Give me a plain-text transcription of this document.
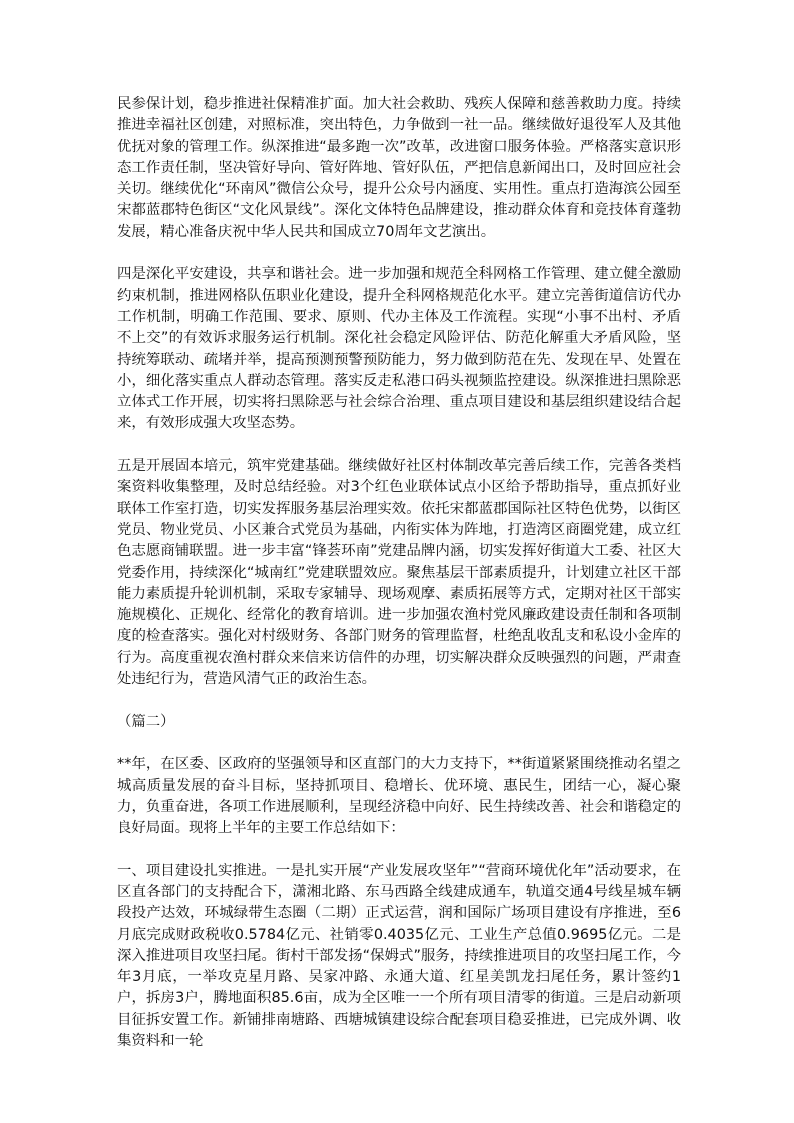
民参保计划，稳步推进社保精准扩面。加大社会救助、残疾人保障和慈善救助力度。持续推进幸福社区创建，对照标准，突出特色，力争做到一社一品。继续做好退役军人及其他优抚对象的管理工作。纵深推进“最多跑一次”改革，改进窗口服务体验。严格落实意识形态工作责任制，坚决管好导向、管好阵地、管好队伍，严把信息新闻出口，及时回应社会关切。继续优化“环南风”微信公众号，提升公众号内涵度、实用性。重点打造海滨公园至宋都蓝郡特色街区“文化风景线”。深化文体特色品牌建设，推动群众体育和竞技体育蓬勃发展，精心准备庆祝中华人民共和国成立70周年文艺演出。

四是深化平安建设，共享和谐社会。进一步加强和规范全科网格工作管理、建立健全激励约束机制，推进网格队伍职业化建设，提升全科网格规范化水平。建立完善街道信访代办工作机制，明确工作范围、要求、原则、代办主体及工作流程。实现“小事不出村、矛盾不上交”的有效诉求服务运行机制。深化社会稳定风险评估、防范化解重大矛盾风险，坚持统筹联动、疏堵并举，提高预测预警预防能力，努力做到防范在先、发现在早、处置在小，细化落实重点人群动态管理。落实反走私港口码头视频监控建设。纵深推进扫黑除恶立体式工作开展，切实将扫黑除恶与社会综合治理、重点项目建设和基层组织建设结合起来，有效形成强大攻坚态势。

五是开展固本培元，筑牢党建基础。继续做好社区村体制改革完善后续工作，完善各类档案资料收集整理，及时总结经验。对3个红色业联体试点小区给予帮助指导，重点抓好业联体工作室打造，切实发挥服务基层治理实效。依托宋都蓝郡国际社区特色优势，以街区党员、物业党员、小区兼合式党员为基础，内衔实体为阵地，打造湾区商圈党建，成立红色志愿商铺联盟。进一步丰富“锋荟环南”党建品牌内涵，切实发挥好街道大工委、社区大党委作用，持续深化“城南红”党建联盟效应。聚焦基层干部素质提升，计划建立社区干部能力素质提升轮训机制，采取专家辅导、现场观摩、素质拓展等方式，定期对社区干部实施规模化、正规化、经常化的教育培训。进一步加强农渔村党风廉政建设责任制和各项制度的检查落实。强化对村级财务、各部门财务的管理监督，杜绝乱收乱支和私设小金库的行为。高度重视农渔村群众来信来访信件的办理，切实解决群众反映强烈的问题，严肃查处违纪行为，营造风清气正的政治生态。

（篇二）

**年，在区委、区政府的坚强领导和区直部门的大力支持下，**街道紧紧围绕推动名望之城高质量发展的奋斗目标，坚持抓项目、稳增长、优环境、惠民生，团结一心，凝心聚力，负重奋进，各项工作进展顺利，呈现经济稳中向好、民生持续改善、社会和谐稳定的良好局面。现将上半年的主要工作总结如下：

一、项目建设扎实推进。一是扎实开展“产业发展攻坚年”“营商环境优化年”活动要求，在区直各部门的支持配合下，潇湘北路、东马西路全线建成通车，轨道交通4号线星城车辆段投产达效，环城绿带生态圈（二期）正式运营，润和国际广场项目建设有序推进，至6月底完成财政税收0.5784亿元、社销零0.4035亿元、工业生产总值0.9695亿元。二是深入推进项目攻坚扫尾。街村干部发扬“保姆式”服务，持续推进项目的攻坚扫尾工作，今年3月底，一举攻克星月路、吴家冲路、永通大道、红星美凯龙扫尾任务，累计签约1户，拆房3户，腾地面积85.6亩，成为全区唯一一个所有项目清零的街道。三是启动新项目征拆安置工作。新铺排南塘路、西塘城镇建设综合配套项目稳妥推进，已完成外调、收集资料和一轮
